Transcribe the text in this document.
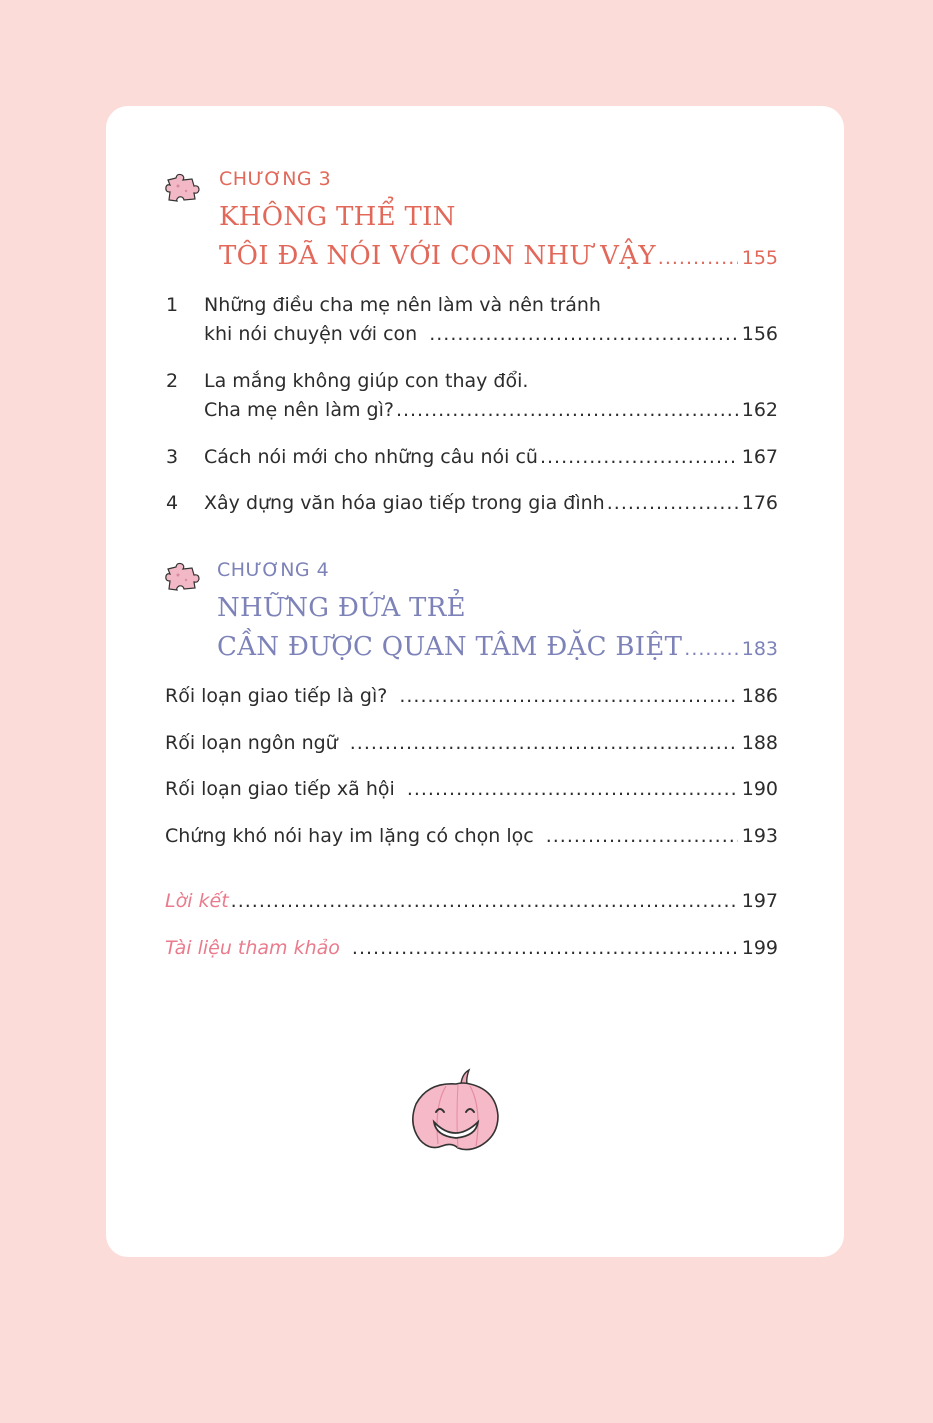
CHƯƠNG 3
KHÔNG THỂ TIN
TÔI ĐÃ NÓI VỚI CON NHƯ VẬY .....	155
1 Những điều cha mẹ nên làm và nên tránh
khi nói chuyện với con .....	156
2 La mắng không giúp con thay đổi.
Cha mẹ nên làm gì? .....	162
3 Cách nói mới cho những câu nói cũ .....	167
4 Xây dựng văn hóa giao tiếp trong gia đình .....	176
CHƯƠNG 4
NHỮNG ĐỨA TRẺ
CẦN ĐƯỢC QUAN TÂM ĐẶC BIỆT .....	183
Rối loạn giao tiếp là gì? .....	186
Rối loạn ngôn ngữ .....	188
Rối loạn giao tiếp xã hội .....	190
Chứng khó nói hay im lặng có chọn lọc .....	193
Lời kết .....	197
Tài liệu tham khảo .....	199
